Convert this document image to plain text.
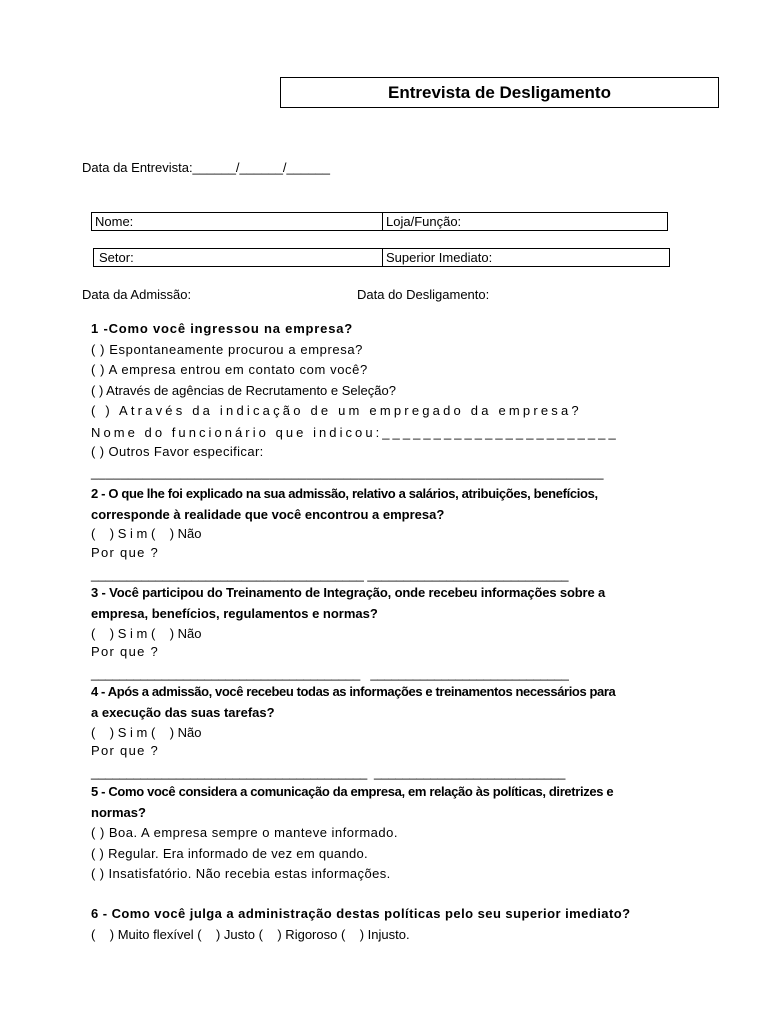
Entrevista de Desligamento
Data da Entrevista:______/______/______
Nome:	Loja/Função:
Setor:	Superior Imediato:
Data da Admissão:	Data do Desligamento:
1 -Como você ingressou na empresa?
( ) Espontaneamente procurou a empresa?
( ) A empresa entrou em contato com você?
( ) Através de agências de Recrutamento e Seleção?
( ) Através da indicação de um empregado da empresa?
Nome do funcionário que indicou:_______________________
( ) Outros Favor especificar:
_____________________________________________________________________
2 - O que lhe foi explicado na sua admissão, relativo a salários, atribuições, benefícios,
corresponde à realidade que você encontrou a empresa?
(    ) S i m (    ) Não
Por que ?
______________________________________ ____________________________
3 - Você participou do Treinamento de Integração, onde recebeu informações sobre a
empresa, benefícios, regulamentos e normas?
(    ) S i m (    ) Não
Por que ?
______________________________________   ____________________________
4 - Após a admissão, você recebeu todas as informações e treinamentos necessários para
a execução das suas tarefas?
(    ) S i m (    ) Não
Por que ?
_______________________________________  ___________________________
5 - Como você considera a comunicação da empresa, em relação às políticas, diretrizes e
normas?
( ) Boa. A empresa sempre o manteve informado.
( ) Regular. Era informado de vez em quando.
( ) Insatisfatório. Não recebia estas informações.
6 - Como você julga a administração destas políticas pelo seu superior imediato?
(    ) Muito flexível (    ) Justo (    ) Rigoroso (    ) Injusto.
